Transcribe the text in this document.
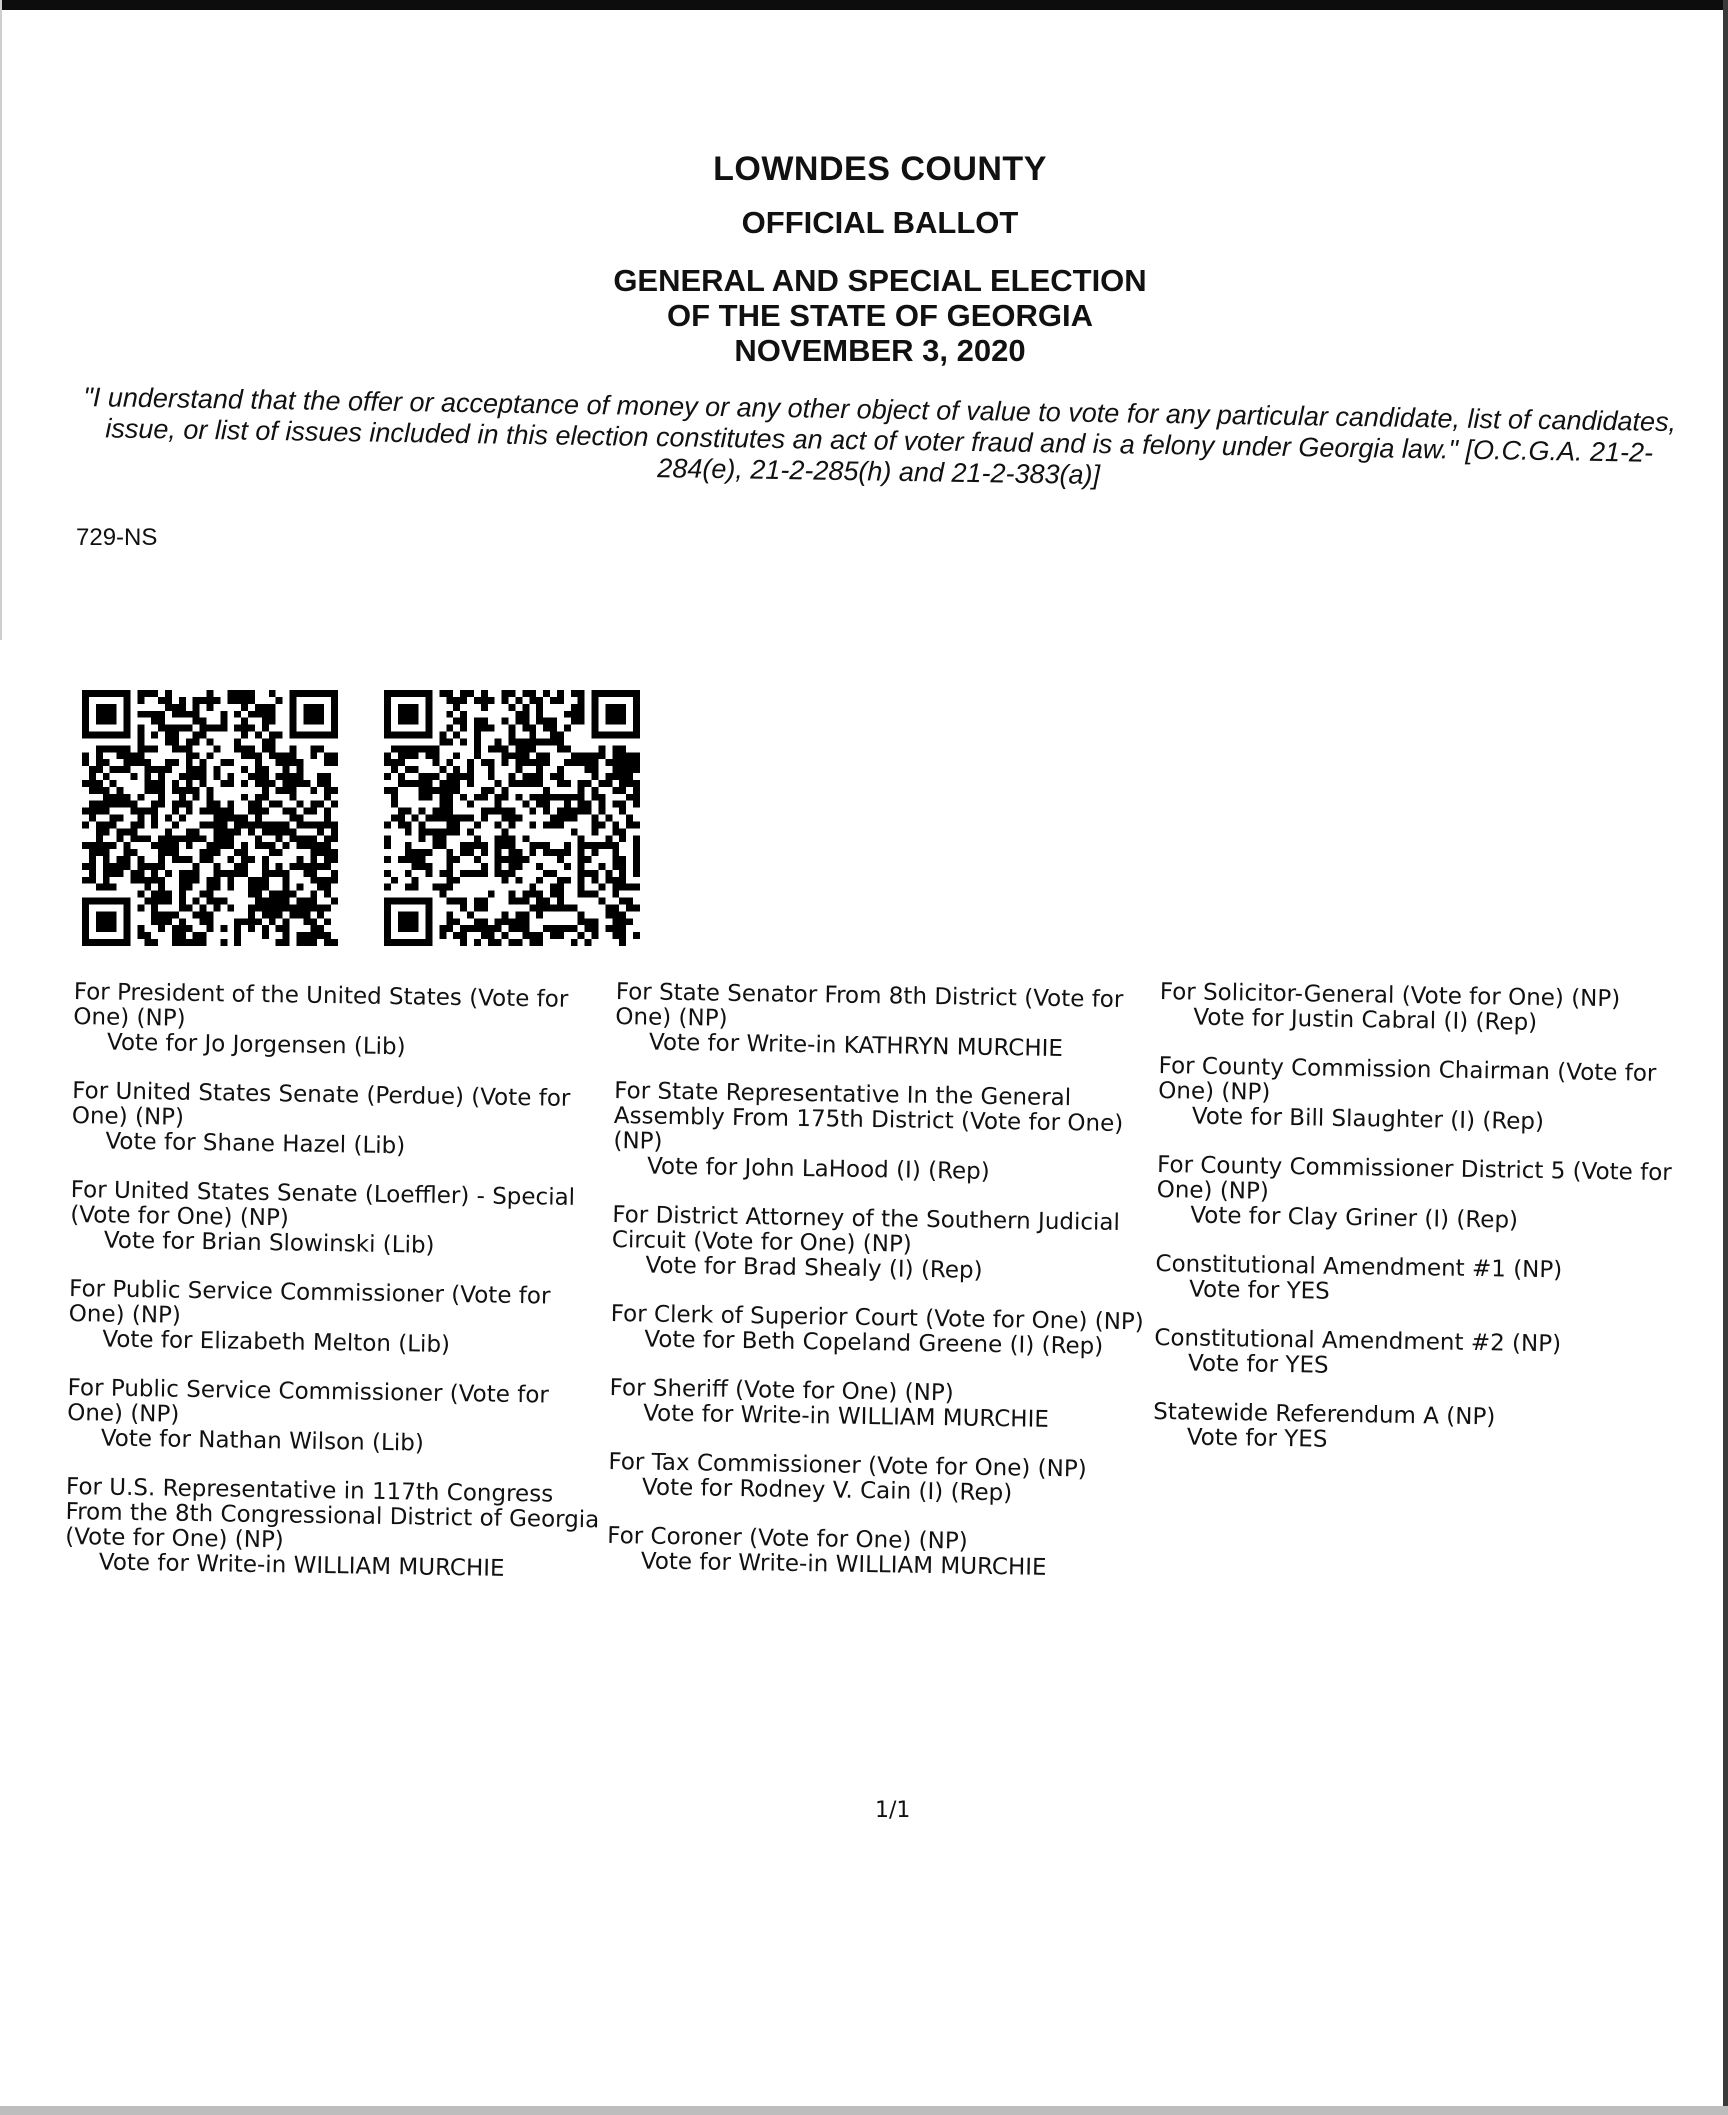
LOWNDES COUNTY
OFFICIAL BALLOT
GENERAL AND SPECIAL ELECTION
OF THE STATE OF GEORGIA
NOVEMBER 3, 2020
"I understand that the offer or acceptance of money or any other object of value to vote for any particular candidate, list of candidates, issue, or list of issues included in this election constitutes an act of voter fraud and is a felony under Georgia law." [O.C.G.A. 21-2-284(e), 21-2-285(h) and 21-2-383(a)]
729-NS
For President of the United States (Vote for One) (NP)
Vote for Jo Jorgensen (Lib)
For United States Senate (Perdue) (Vote for One) (NP)
Vote for Shane Hazel (Lib)
For United States Senate (Loeffler) - Special (Vote for One) (NP)
Vote for Brian Slowinski (Lib)
For Public Service Commissioner (Vote for One) (NP)
Vote for Elizabeth Melton (Lib)
For Public Service Commissioner (Vote for One) (NP)
Vote for Nathan Wilson (Lib)
For U.S. Representative in 117th Congress From the 8th Congressional District of Georgia (Vote for One) (NP)
Vote for Write-in WILLIAM MURCHIE
For State Senator From 8th District (Vote for One) (NP)
Vote for Write-in KATHRYN MURCHIE
For State Representative In the General Assembly From 175th District (Vote for One) (NP)
Vote for John LaHood (I) (Rep)
For District Attorney of the Southern Judicial Circuit (Vote for One) (NP)
Vote for Brad Shealy (I) (Rep)
For Clerk of Superior Court (Vote for One) (NP)
Vote for Beth Copeland Greene (I) (Rep)
For Sheriff (Vote for One) (NP)
Vote for Write-in WILLIAM MURCHIE
For Tax Commissioner (Vote for One) (NP)
Vote for Rodney V. Cain (I) (Rep)
For Coroner (Vote for One) (NP)
Vote for Write-in WILLIAM MURCHIE
For Solicitor-General (Vote for One) (NP)
Vote for Justin Cabral (I) (Rep)
For County Commission Chairman (Vote for One) (NP)
Vote for Bill Slaughter (I) (Rep)
For County Commissioner District 5 (Vote for One) (NP)
Vote for Clay Griner (I) (Rep)
Constitutional Amendment #1 (NP)
Vote for YES
Constitutional Amendment #2 (NP)
Vote for YES
Statewide Referendum A (NP)
Vote for YES
1/1
